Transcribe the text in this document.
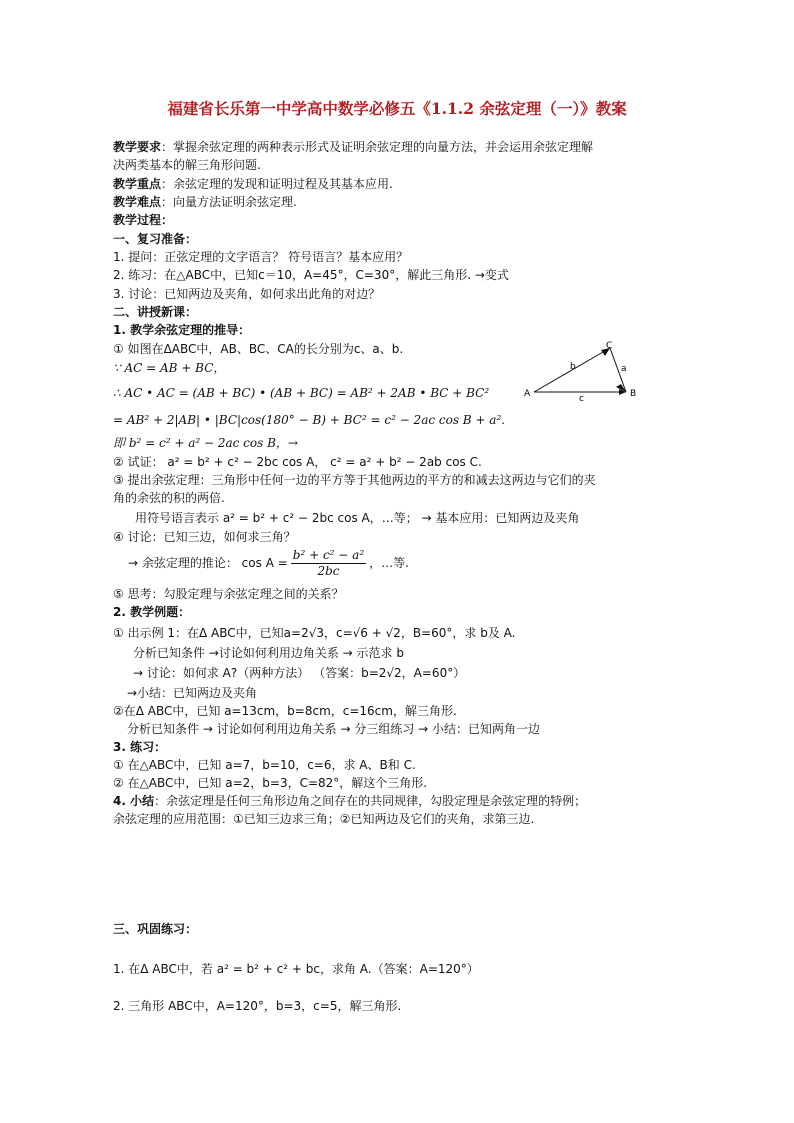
福建省长乐第一中学高中数学必修五《1.1.2 余弦定理（一）》教案
教学要求：掌握余弦定理的两种表示形式及证明余弦定理的向量方法，并会运用余弦定理解
决两类基本的解三角形问题.
教学重点：余弦定理的发现和证明过程及其基本应用.
教学难点：向量方法证明余弦定理.
教学过程：
一、复习准备：
1. 提问：正弦定理的文字语言？ 符号语言？基本应用？
2. 练习：在△ABC中，已知c＝10，A=45°，C=30°，解此三角形. →变式
3. 讨论：已知两边及夹角，如何求出此角的对边？
二、讲授新课：
1. 教学余弦定理的推导：
① 如图在ΔABC中，AB、BC、CA的长分别为c、a、b.
∵ AC = AB + BC，
∴ AC • AC = (AB + BC) • (AB + BC) = AB² + 2AB • BC + BC²
= AB² + 2|AB| • |BC|cos(180° − B) + BC² = c² − 2ac cos B + a².
即 b² = c² + a² − 2ac cos B，→
A	B
C
a
b
c
② 试证： a² = b² + c² − 2bc cos A， c² = a² + b² − 2ab cos C.
③ 提出余弦定理：三角形中任何一边的平方等于其他两边的平方的和减去这两边与它们的夹
角的余弦的积的两倍.
用符号语言表示 a² = b² + c² − 2bc cos A，…等； → 基本应用：已知两边及夹角
④ 讨论：已知三边，如何求三角？
→ 余弦定理的推论： $\cos A = \frac{\text{b² + c² − a²}}{2bc}$ ，…等.
⑤ 思考：勾股定理与余弦定理之间的关系？
2. 教学例题：
① 出示例 1：在Δ ABC中，已知a=2√3，c=√6 + √2，B=60°，求 b及 A.
分析已知条件 →讨论如何利用边角关系 → 示范求 b
→ 讨论：如何求 A?（两种方法） （答案：b=2√2，A=60°）
→小结：已知两边及夹角
②在Δ ABC中，已知 a=13cm，b=8cm，c=16cm，解三角形.
分析已知条件 → 讨论如何利用边角关系 → 分三组练习 → 小结：已知两角一边
3. 练习：
① 在△ABC中，已知 a=7，b=10，c=6，求 A、B和 C.
② 在△ABC中，已知 a=2，b=3，C=82°，解这个三角形.
4. 小结：余弦定理是任何三角形边角之间存在的共同规律，勾股定理是余弦定理的特例；
余弦定理的应用范围：①已知三边求三角；②已知两边及它们的夹角，求第三边.
三、巩固练习：
1. 在Δ ABC中，若 a² = b² + c² + bc，求角 A.（答案：A=120°）
2. 三角形 ABC中，A=120°，b=3，c=5，解三角形.
